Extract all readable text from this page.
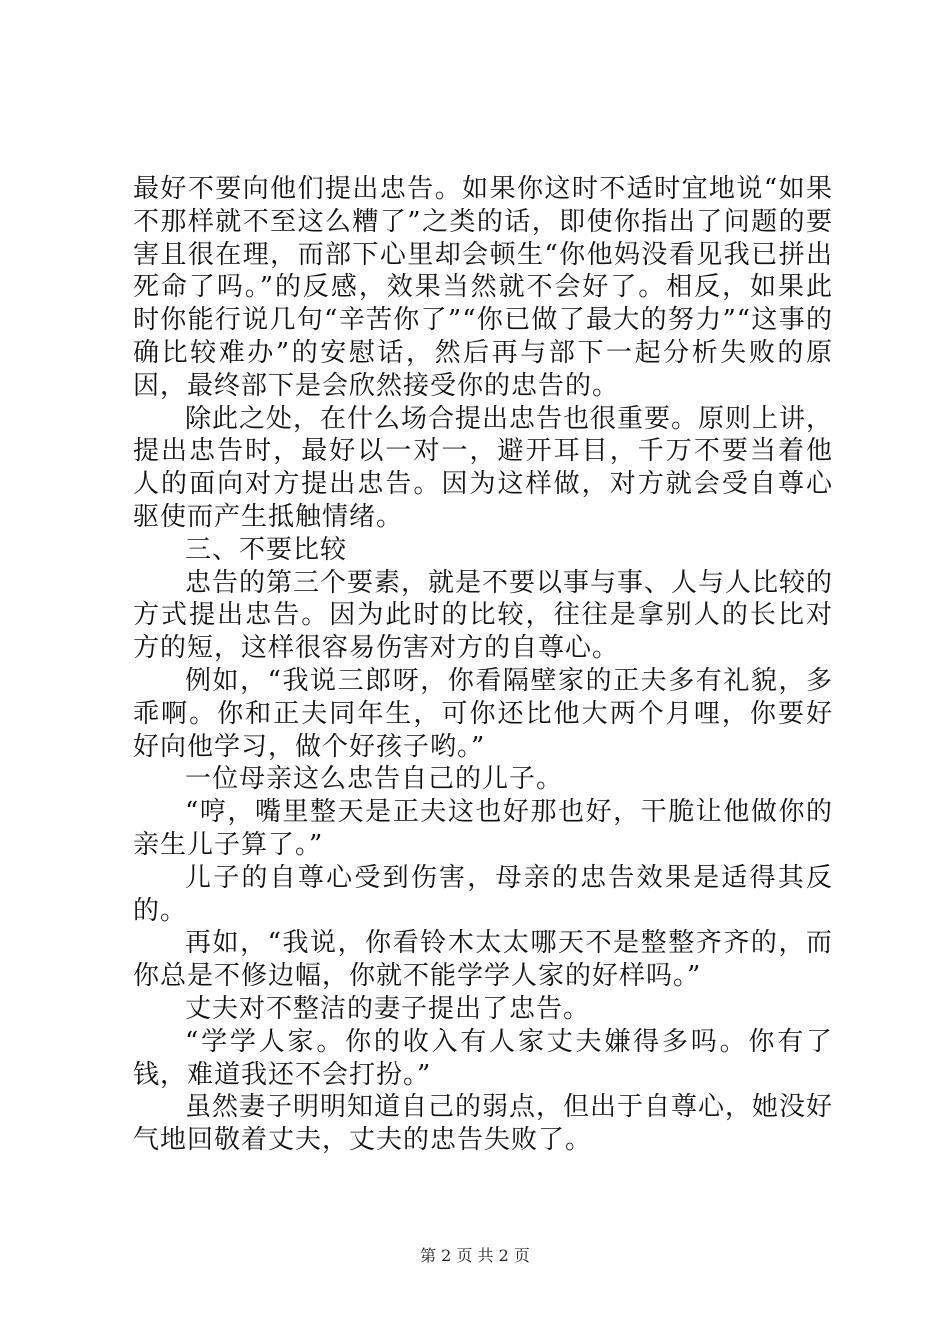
最好不要向他们提出忠告。如果你这时不适时宜地说“如果不那样就不至这么糟了”之类的话，即使你指出了问题的要害且很在理，而部下心里却会顿生“你他妈没看见我已拼出死命了吗。”的反感，效果当然就不会好了。相反，如果此时你能行说几句“辛苦你了”“你已做了最大的努力”“这事的确比较难办”的安慰话，然后再与部下一起分析失败的原因，最终部下是会欣然接受你的忠告的。

除此之处，在什么场合提出忠告也很重要。原则上讲，提出忠告时，最好以一对一，避开耳目，千万不要当着他人的面向对方提出忠告。因为这样做，对方就会受自尊心驱使而产生抵触情绪。

三、不要比较

忠告的第三个要素，就是不要以事与事、人与人比较的方式提出忠告。因为此时的比较，往往是拿别人的长比对方的短，这样很容易伤害对方的自尊心。

例如，“我说三郎呀，你看隔壁家的正夫多有礼貌，多乖啊。你和正夫同年生，可你还比他大两个月哩，你要好好向他学习，做个好孩子哟。”

一位母亲这么忠告自己的儿子。

“哼，嘴里整天是正夫这也好那也好，干脆让他做你的亲生儿子算了。”

儿子的自尊心受到伤害，母亲的忠告效果是适得其反的。

再如，“我说，你看铃木太太哪天不是整整齐齐的，而你总是不修边幅，你就不能学学人家的好样吗。”

丈夫对不整洁的妻子提出了忠告。

“学学人家。你的收入有人家丈夫嫌得多吗。你有了钱，难道我还不会打扮。”

虽然妻子明明知道自己的弱点，但出于自尊心，她没好气地回敬着丈夫，丈夫的忠告失败了。

第 2 页 共 2 页
